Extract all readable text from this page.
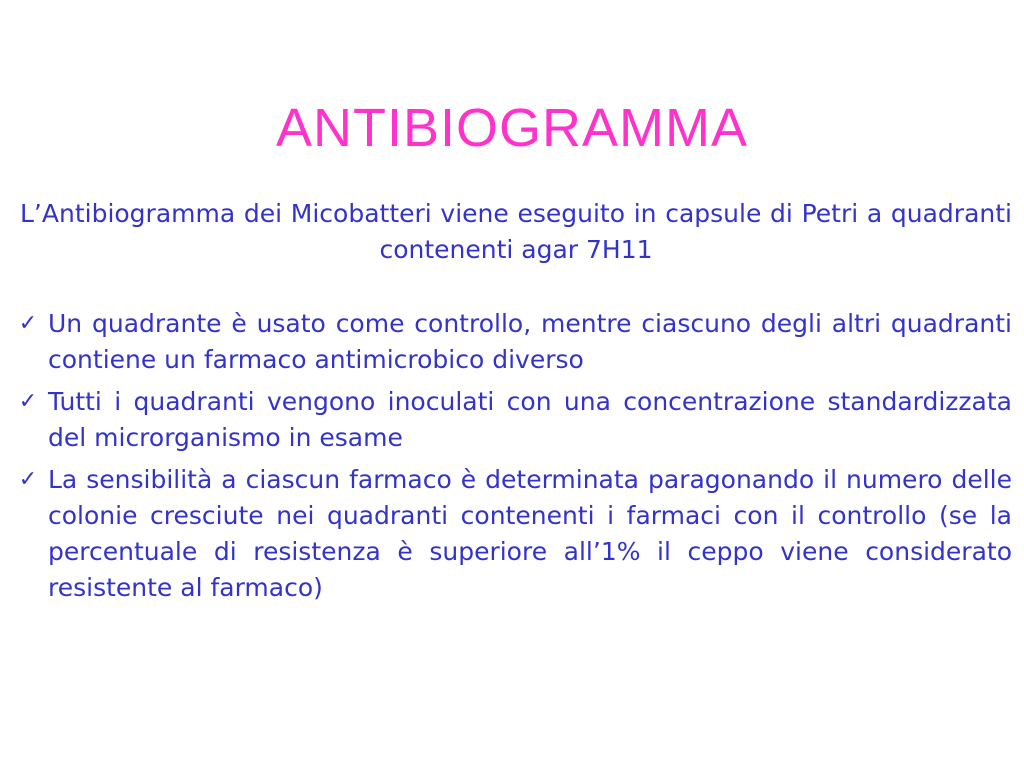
ANTIBIOGRAMMA

L’Antibiogramma dei Micobatteri viene eseguito in capsule di Petri a quadranti contenenti agar 7H11

✓ Un quadrante è usato come controllo, mentre ciascuno degli altri quadranti contiene un farmaco antimicrobico diverso
✓ Tutti i quadranti vengono inoculati con una concentrazione standardizzata del microrganismo in esame
✓ La sensibilità a ciascun farmaco è determinata paragonando il numero delle colonie cresciute nei quadranti contenenti i farmaci con il controllo (se la percentuale di resistenza è superiore all’1% il ceppo viene considerato resistente al farmaco)
